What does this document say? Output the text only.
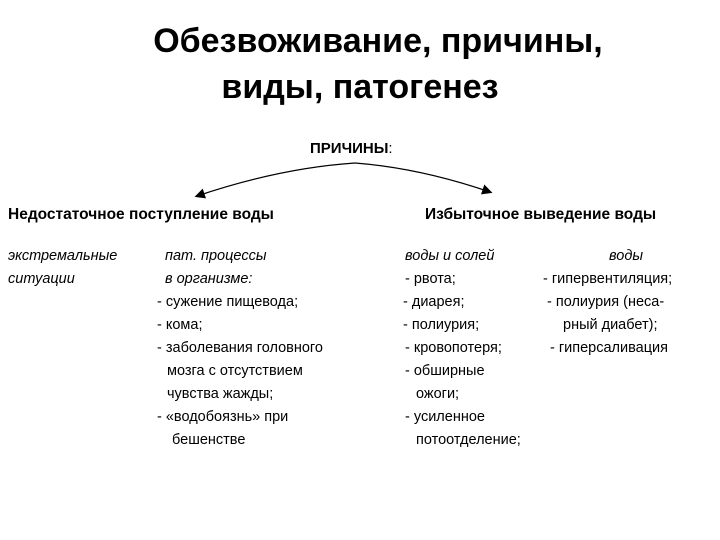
Обезвоживание, причины,
виды, патогенез
ПРИЧИНЫ:
Недостаточное поступление воды	Избыточное выведение воды
экстремальные
ситуации
пат. процессы
в организме:
- сужение пищевода;
- кома;
- заболевания головного
мозга с отсутствием
чувства жажды;
- «водобоязнь» при
бешенстве
воды и солей
- рвота;
- диарея;
- полиурия;
- кровопотеря;
- обширные
ожоги;
- усиленное
потоотделение;
воды
- гипервентиляция;
- полиурия (неса-
рный диабет);
- гиперсаливация
